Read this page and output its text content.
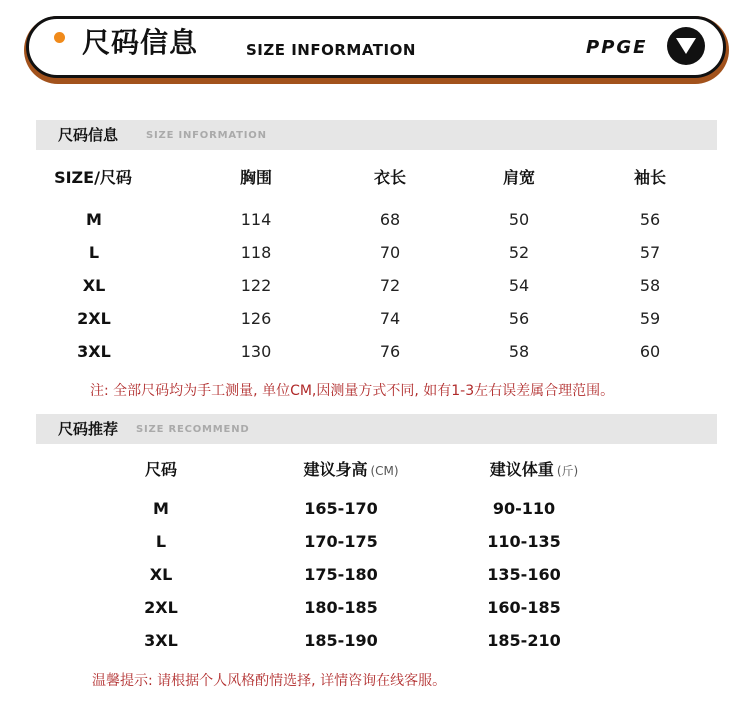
尺码信息	SIZE INFORMATION	PPGE
尺码信息	SIZE INFORMATION
SIZE/尺码	胸围	衣长	肩宽	袖长
M	114	68	50	56
L	118	70	52	57
XL	122	72	54	58
2XL	126	74	56	59
3XL	130	76	58	60
注: 全部尺码均为手工测量, 单位CM,因测量方式不同, 如有1-3左右误差属合理范围。
尺码推荐 SIZE RECOMMEND
尺码	建议身高 (CM)	建议体重 (斤)
M	165-170	90-110
L	170-175	110-135
XL	175-180	135-160
2XL	180-185	160-185
3XL	185-190	185-210
温馨提示: 请根据个人风格酌情选择, 详情咨询在线客服。
